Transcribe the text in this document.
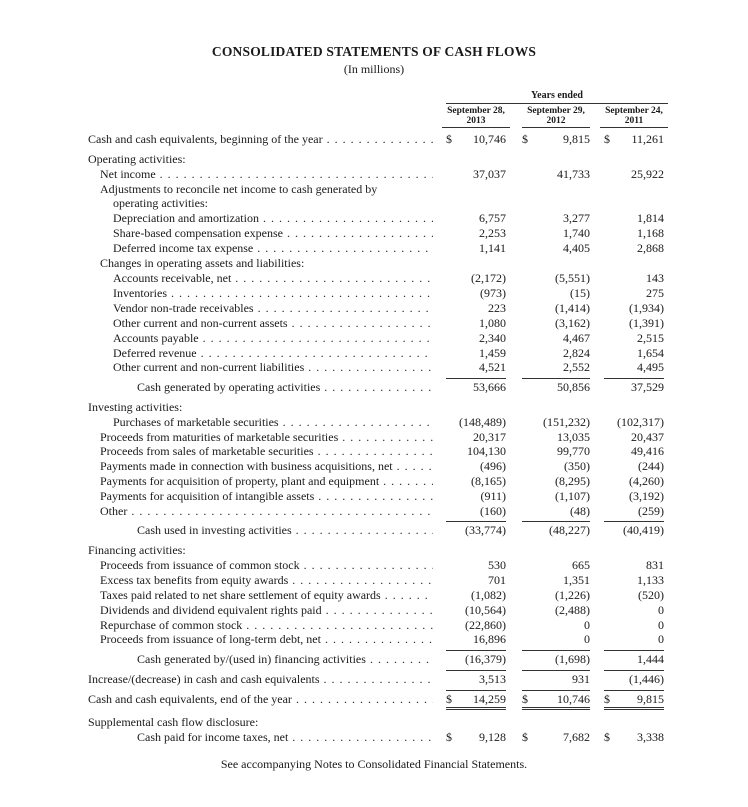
CONSOLIDATED STATEMENTS OF CASH FLOWS
(In millions)
Years ended
September 28,
2013
September 29,
2012
September 24,
2011
Cash and cash equivalents, beginning of the year . . .	$ 10,746 $	9,815 $ 11,261
Operating activities:
Net income . . .	37,037	41,733	25,922
Adjustments to reconcile net income to cash generated by
operating activities:
Depreciation and amortization . . .	6,757	3,277	1,814
Share-based compensation expense . . .	2,253	1,740	1,168
Deferred income tax expense . . .	1,141	4,405	2,868
Changes in operating assets and liabilities:
Accounts receivable, net . . .	(2,172)	(5,551)	143
Inventories . . .	(973)	(15)	275
Vendor non-trade receivables . . .	223	(1,414)	(1,934)
Other current and non-current assets . . .	1,080	(3,162)	(1,391)
Accounts payable . . .	2,340	4,467	2,515
Deferred revenue . . .	1,459	2,824	1,654
Other current and non-current liabilities . . .	4,521	2,552	4,495
Cash generated by operating activities . . .	53,666	50,856	37,529
Investing activities:
Purchases of marketable securities . . .	(148,489)	(151,232) (102,317)
Proceeds from maturities of marketable securities . . .	20,317	13,035	20,437
Proceeds from sales of marketable securities . . .	104,130	99,770	49,416
Payments made in connection with business acquisitions, net . . .	(496)	(350)	(244)
Payments for acquisition of property, plant and equipment . . .	(8,165)	(8,295)	(4,260)
Payments for acquisition of intangible assets . . .	(911)	(1,107)	(3,192)
Other . . .	(160)	(48)	(259)
Cash used in investing activities . . .	(33,774)	(48,227)	(40,419)
Financing activities:
Proceeds from issuance of common stock . . .	530	665	831
Excess tax benefits from equity awards . . .	701	1,351	1,133
Taxes paid related to net share settlement of equity awards . . .	(1,082)	(1,226)	(520)
Dividends and dividend equivalent rights paid . . .	(10,564)	(2,488)	0
Repurchase of common stock . . .	(22,860)	0	0
Proceeds from issuance of long-term debt, net . . .	16,896	0	0
Cash generated by/(used in) financing activities . . .	(16,379)	(1,698)	1,444
Increase/(decrease) in cash and cash equivalents . . .	3,513	931	(1,446)
Cash and cash equivalents, end of the year . . .	$ 14,259 $ 10,746 $ 9,815
Supplemental cash flow disclosure:
Cash paid for income taxes, net . . .	$ 9,128 $	7,682 $ 3,338
See accompanying Notes to Consolidated Financial Statements.
